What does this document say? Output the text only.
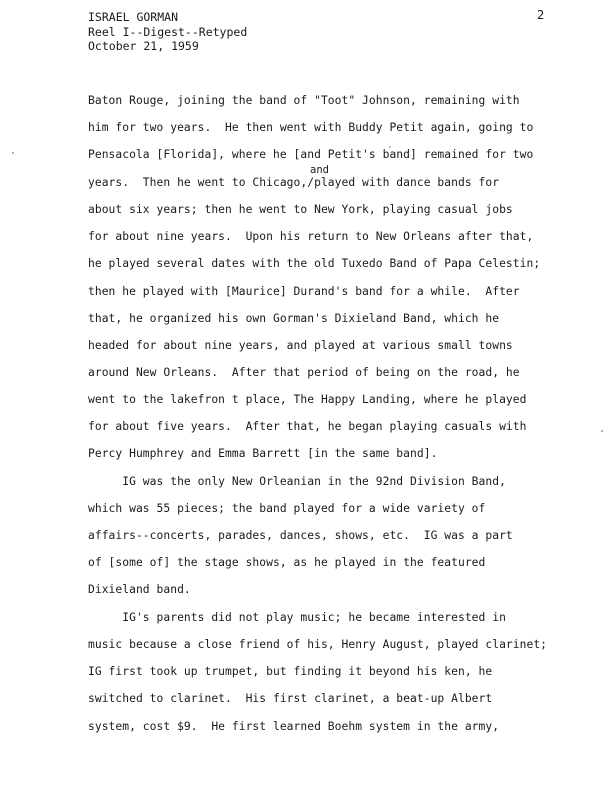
ISRAEL GORMAN
Reel I--Digest--Retyped
October 21, 1959
2
Baton Rouge, joining the band of "Toot" Johnson, remaining with
him for two years.  He then went with Buddy Petit again, going to
Pensacola [Florida], where he [and Petit's band] remained for two
ˏ
and
years.  Then he went to Chicago,/played with dance bands for
about six years; then he went to New York, playing casual jobs
for about nine years.  Upon his return to New Orleans after that,
he played several dates with the old Tuxedo Band of Papa Celestin;
then he played with [Maurice] Durand's band for a while.  After
that, he organized his own Gorman's Dixieland Band, which he
headed for about nine years, and played at various small towns
around New Orleans.  After that period of being on the road, he
went to the lakefron t place, The Happy Landing, where he played
for about five years.  After that, he began playing casuals with
Percy Humphrey and Emma Barrett [in the same band].
IG was the only New Orleanian in the 92nd Division Band,
which was 55 pieces; the band played for a wide variety of
affairs--concerts, parades, dances, shows, etc.  IG was a part
of [some of] the stage shows, as he played in the featured
Dixieland band.
IG's parents did not play music; he became interested in
music because a close friend of his, Henry August, played clarinet;
IG first took up trumpet, but finding it beyond his ken, he
switched to clarinet.  His first clarinet, a beat-up Albert
system, cost $9.  He first learned Boehm system in the army,
